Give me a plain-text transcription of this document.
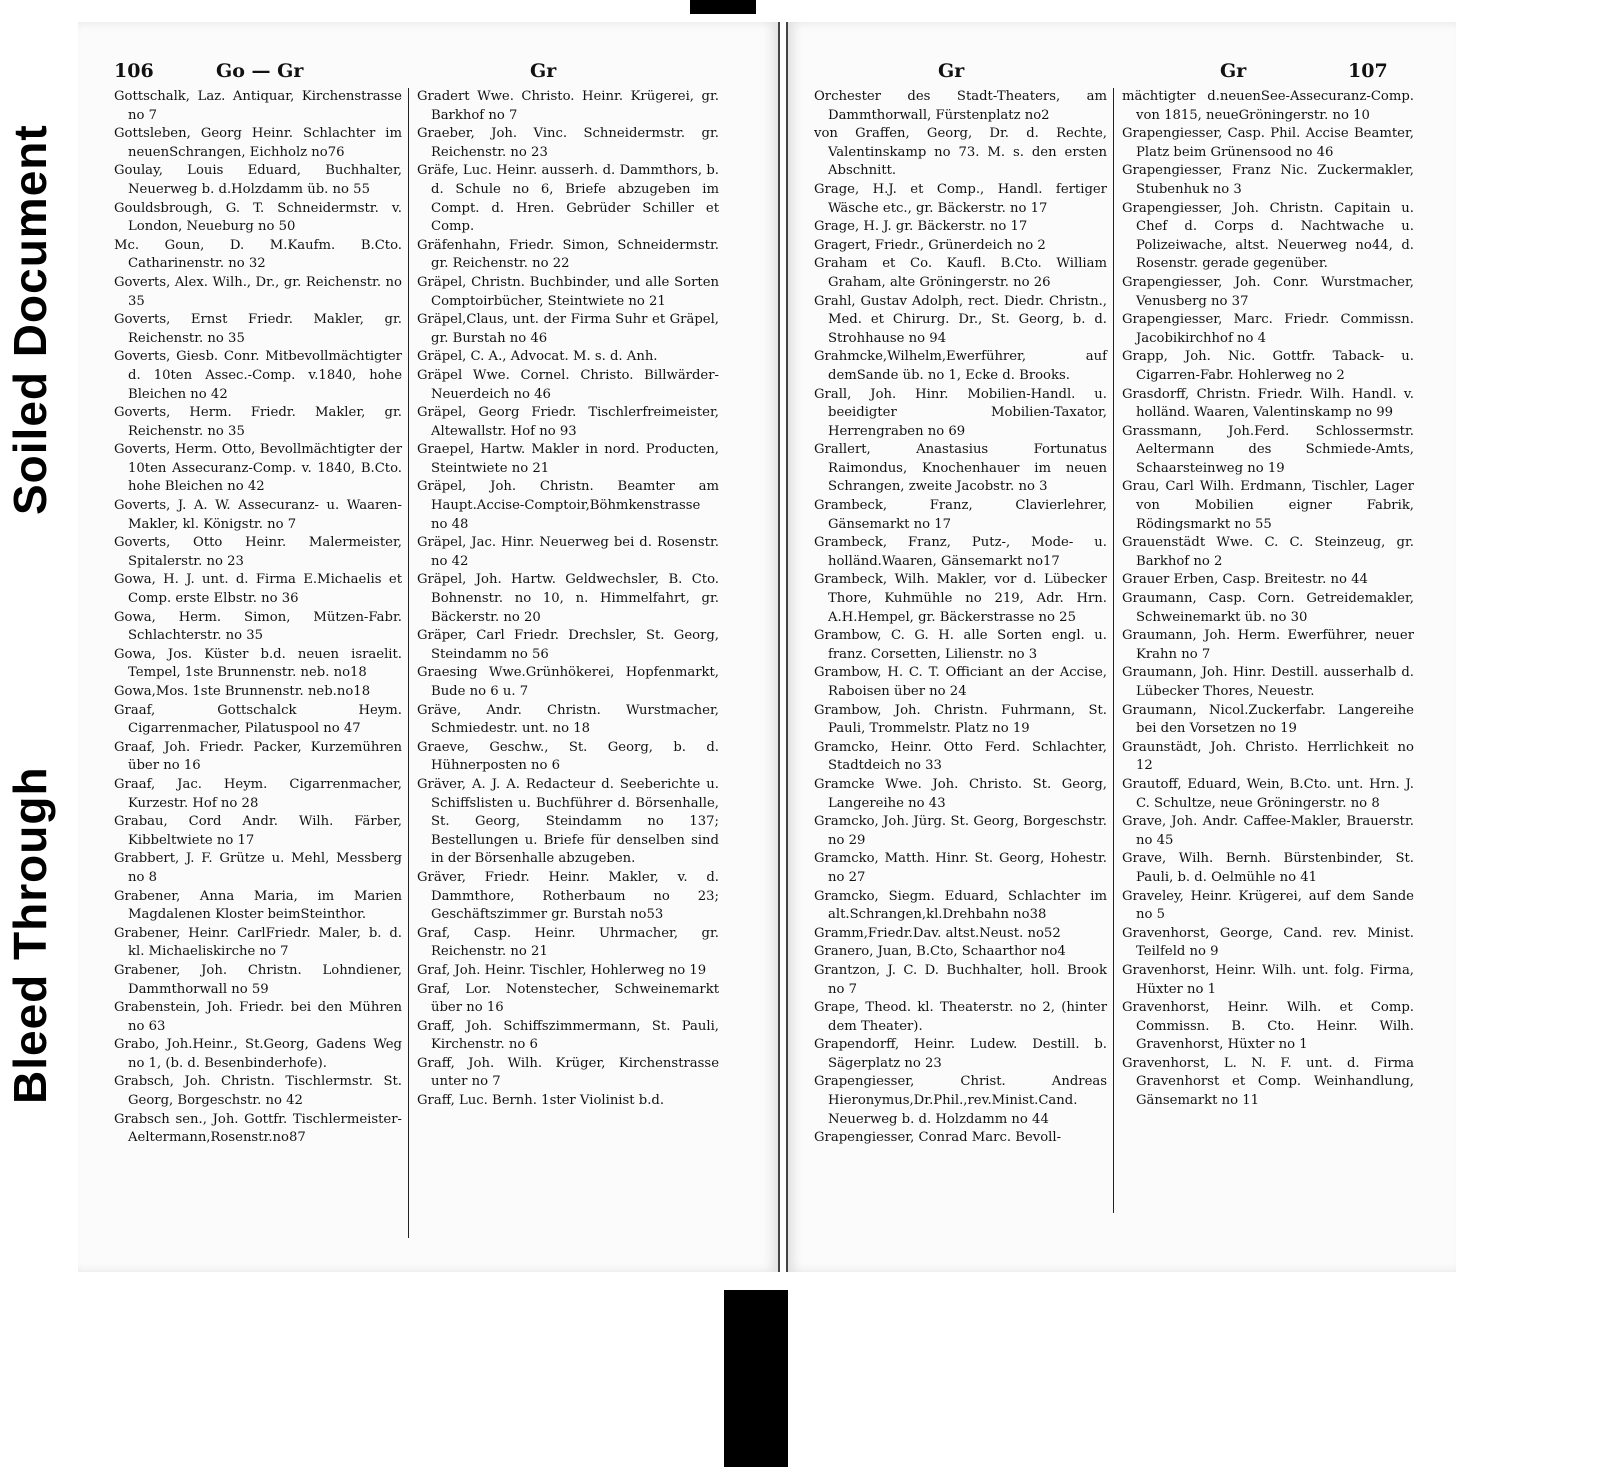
Soiled Document
Bleed Through
106	Go — Gr	Gr

Gottschalk, Laz. Antiquar, Kirchenstrasse no 7

Gottsleben, Georg Heinr. Schlachter im neuenSchrangen, Eichholz no76

Goulay, Louis Eduard, Buchhalter, Neuerweg b. d.Holzdamm üb. no 55

Gouldsbrough, G. T. Schneidermstr. v. London, Neueburg no 50

Mc. Goun, D. M.Kaufm. B.Cto. Catharinenstr. no 32

Goverts, Alex. Wilh., Dr., gr. Reichenstr. no 35

Goverts, Ernst Friedr. Makler, gr. Reichenstr. no 35

Goverts, Giesb. Conr. Mitbevollmächtigter d. 10ten Assec.-Comp. v.1840, hohe Bleichen no 42

Goverts, Herm. Friedr. Makler, gr. Reichenstr. no 35

Goverts, Herm. Otto, Bevollmächtigter der 10ten Assecuranz-Comp. v. 1840, B.Cto. hohe Bleichen no 42

Goverts, J. A. W. Assecuranz- u. Waaren-Makler, kl. Königstr. no 7

Goverts, Otto Heinr. Malermeister, Spitalerstr. no 23

Gowa, H. J. unt. d. Firma E.Michaelis et Comp. erste Elbstr. no 36

Gowa, Herm. Simon, Mützen-Fabr. Schlachterstr. no 35

Gowa, Jos. Küster b.d. neuen israelit. Tempel, 1ste Brunnenstr. neb. no18

Gowa,Mos. 1ste Brunnenstr. neb.no18

Graaf, Gottschalck Heym. Cigarrenmacher, Pilatuspool no 47

Graaf, Joh. Friedr. Packer, Kurzemühren über no 16

Graaf, Jac. Heym. Cigarrenmacher, Kurzestr. Hof no 28

Grabau, Cord Andr. Wilh. Färber, Kibbeltwiete no 17

Grabbert, J. F. Grütze u. Mehl, Messberg no 8

Grabener, Anna Maria, im Marien Magdalenen Kloster beimSteinthor.

Grabener, Heinr. CarlFriedr. Maler, b. d. kl. Michaeliskirche no 7

Grabener, Joh. Christn. Lohndiener, Dammthorwall no 59

Grabenstein, Joh. Friedr. bei den Mühren no 63

Grabo, Joh.Heinr., St.Georg, Gadens Weg no 1, (b. d. Besenbinderhofe).

Grabsch, Joh. Christn. Tischlermstr. St. Georg, Borgeschstr. no 42

Grabsch sen., Joh. Gottfr. Tischlermeister-Aeltermann,Rosenstr.no87

Gradert Wwe. Christo. Heinr. Krügerei, gr. Barkhof no 7

Graeber, Joh. Vinc. Schneidermstr. gr. Reichenstr. no 23

Gräfe, Luc. Heinr. ausserh. d. Dammthors, b. d. Schule no 6, Briefe abzugeben im Compt. d. Hren. Gebrüder Schiller et Comp.

Gräfenhahn, Friedr. Simon, Schneidermstr. gr. Reichenstr. no 22

Gräpel, Christn. Buchbinder, und alle Sorten Comptoirbücher, Steintwiete no 21

Gräpel,Claus, unt. der Firma Suhr et Gräpel, gr. Burstah no 46

Gräpel, C. A., Advocat. M. s. d. Anh.

Gräpel Wwe. Cornel. Christo. Billwärder-Neuerdeich no 46

Gräpel, Georg Friedr. Tischlerfreimeister, Altewallstr. Hof no 93

Graepel, Hartw. Makler in nord. Producten, Steintwiete no 21

Gräpel, Joh. Christn. Beamter am Haupt.Accise-Comptoir,Böhmkenstrasse no 48

Gräpel, Jac. Hinr. Neuerweg bei d. Rosenstr. no 42

Gräpel, Joh. Hartw. Geldwechsler, B. Cto. Bohnenstr. no 10, n. Himmelfahrt, gr. Bäckerstr. no 20

Gräper, Carl Friedr. Drechsler, St. Georg, Steindamm no 56

Graesing Wwe.Grünhökerei, Hopfenmarkt, Bude no 6 u. 7

Gräve, Andr. Christn. Wurstmacher, Schmiedestr. unt. no 18

Graeve, Geschw., St. Georg, b. d. Hühnerposten no 6

Gräver, A. J. A. Redacteur d. Seeberichte u. Schiffslisten u. Buchführer d. Börsenhalle, St. Georg, Steindamm no 137; Bestellungen u. Briefe für denselben sind in der Börsenhalle abzugeben.

Gräver, Friedr. Heinr. Makler, v. d. Dammthore, Rotherbaum no 23; Geschäftszimmer gr. Burstah no53

Graf, Casp. Heinr. Uhrmacher, gr. Reichenstr. no 21

Graf, Joh. Heinr. Tischler, Hohlerweg no 19

Graf, Lor. Notenstecher, Schweinemarkt über no 16

Graff, Joh. Schiffszimmermann, St. Pauli, Kirchenstr. no 6

Graff, Joh. Wilh. Krüger, Kirchenstrasse unter no 7

Graff, Luc. Bernh. 1ster Violinist b.d.

Gr	Gr	107

Orchester des Stadt-Theaters, am Dammthorwall, Fürstenplatz no2

von Graffen, Georg, Dr. d. Rechte, Valentinskamp no 73. M. s. den ersten Abschnitt.

Grage, H.J. et Comp., Handl. fertiger Wäsche etc., gr. Bäckerstr. no 17

Grage, H. J. gr. Bäckerstr. no 17

Gragert, Friedr., Grünerdeich no 2

Graham et Co. Kaufl. B.Cto. William Graham, alte Gröningerstr. no 26

Grahl, Gustav Adolph, rect. Diedr. Christn., Med. et Chirurg. Dr., St. Georg, b. d. Strohhause no 94

Grahmcke,Wilhelm,Ewerführer, auf demSande üb. no 1, Ecke d. Brooks.

Grall, Joh. Hinr. Mobilien-Handl. u. beeidigter Mobilien-Taxator, Herrengraben no 69

Grallert, Anastasius Fortunatus Raimondus, Knochenhauer im neuen Schrangen, zweite Jacobstr. no 3

Grambeck, Franz, Clavierlehrer, Gänsemarkt no 17

Grambeck, Franz, Putz-, Mode- u. holländ.Waaren, Gänsemarkt no17

Grambeck, Wilh. Makler, vor d. Lübecker Thore, Kuhmühle no 219, Adr. Hrn. A.H.Hempel, gr. Bäckerstrasse no 25

Grambow, C. G. H. alle Sorten engl. u. franz. Corsetten, Lilienstr. no 3

Grambow, H. C. T. Officiant an der Accise, Raboisen über no 24

Grambow, Joh. Christn. Fuhrmann, St. Pauli, Trommelstr. Platz no 19

Gramcko, Heinr. Otto Ferd. Schlachter, Stadtdeich no 33

Gramcke Wwe. Joh. Christo. St. Georg, Langereihe no 43

Gramcko, Joh. Jürg. St. Georg, Borgeschstr. no 29

Gramcko, Matth. Hinr. St. Georg, Hohestr. no 27

Gramcko, Siegm. Eduard, Schlachter im alt.Schrangen,kl.Drehbahn no38

Gramm,Friedr.Dav. altst.Neust. no52

Granero, Juan, B.Cto, Schaarthor no4

Grantzon, J. C. D. Buchhalter, holl. Brook no 7

Grape, Theod. kl. Theaterstr. no 2, (hinter dem Theater).

Grapendorff, Heinr. Ludew. Destill. b. Sägerplatz no 23

Grapengiesser, Christ. Andreas Hieronymus,Dr.Phil.,rev.Minist.Cand. Neuerweg b. d. Holzdamm no 44

Grapengiesser, Conrad Marc. Bevoll-

mächtigter d.neuenSee-Assecuranz-Comp. von 1815, neueGröningerstr. no 10

Grapengiesser, Casp. Phil. Accise Beamter, Platz beim Grünensood no 46

Grapengiesser, Franz Nic. Zuckermakler, Stubenhuk no 3

Grapengiesser, Joh. Christn. Capitain u. Chef d. Corps d. Nachtwache u. Polizeiwache, altst. Neuerweg no44, d. Rosenstr. gerade gegenüber.

Grapengiesser, Joh. Conr. Wurstmacher, Venusberg no 37

Grapengiesser, Marc. Friedr. Commissn. Jacobikirchhof no 4

Grapp, Joh. Nic. Gottfr. Taback- u. Cigarren-Fabr. Hohlerweg no 2

Grasdorff, Christn. Friedr. Wilh. Handl. v. holländ. Waaren, Valentinskamp no 99

Grassmann, Joh.Ferd. Schlossermstr. Aeltermann des Schmiede-Amts, Schaarsteinweg no 19

Grau, Carl Wilh. Erdmann, Tischler, Lager von Mobilien eigner Fabrik, Rödingsmarkt no 55

Grauenstädt Wwe. C. C. Steinzeug, gr. Barkhof no 2

Grauer Erben, Casp. Breitestr. no 44

Graumann, Casp. Corn. Getreidemakler, Schweinemarkt üb. no 30

Graumann, Joh. Herm. Ewerführer, neuer Krahn no 7

Graumann, Joh. Hinr. Destill. ausserhalb d. Lübecker Thores, Neuestr.

Graumann, Nicol.Zuckerfabr. Langereihe bei den Vorsetzen no 19

Graunstädt, Joh. Christo. Herrlichkeit no 12

Grautoff, Eduard, Wein, B.Cto. unt. Hrn. J. C. Schultze, neue Gröningerstr. no 8

Grave, Joh. Andr. Caffee-Makler, Brauerstr. no 45

Grave, Wilh. Bernh. Bürstenbinder, St. Pauli, b. d. Oelmühle no 41

Graveley, Heinr. Krügerei, auf dem Sande no 5

Gravenhorst, George, Cand. rev. Minist. Teilfeld no 9

Gravenhorst, Heinr. Wilh. unt. folg. Firma, Hüxter no 1

Gravenhorst, Heinr. Wilh. et Comp. Commissn. B. Cto. Heinr. Wilh. Gravenhorst, Hüxter no 1

Gravenhorst, L. N. F. unt. d. Firma Gravenhorst et Comp. Weinhandlung, Gänsemarkt no 11
